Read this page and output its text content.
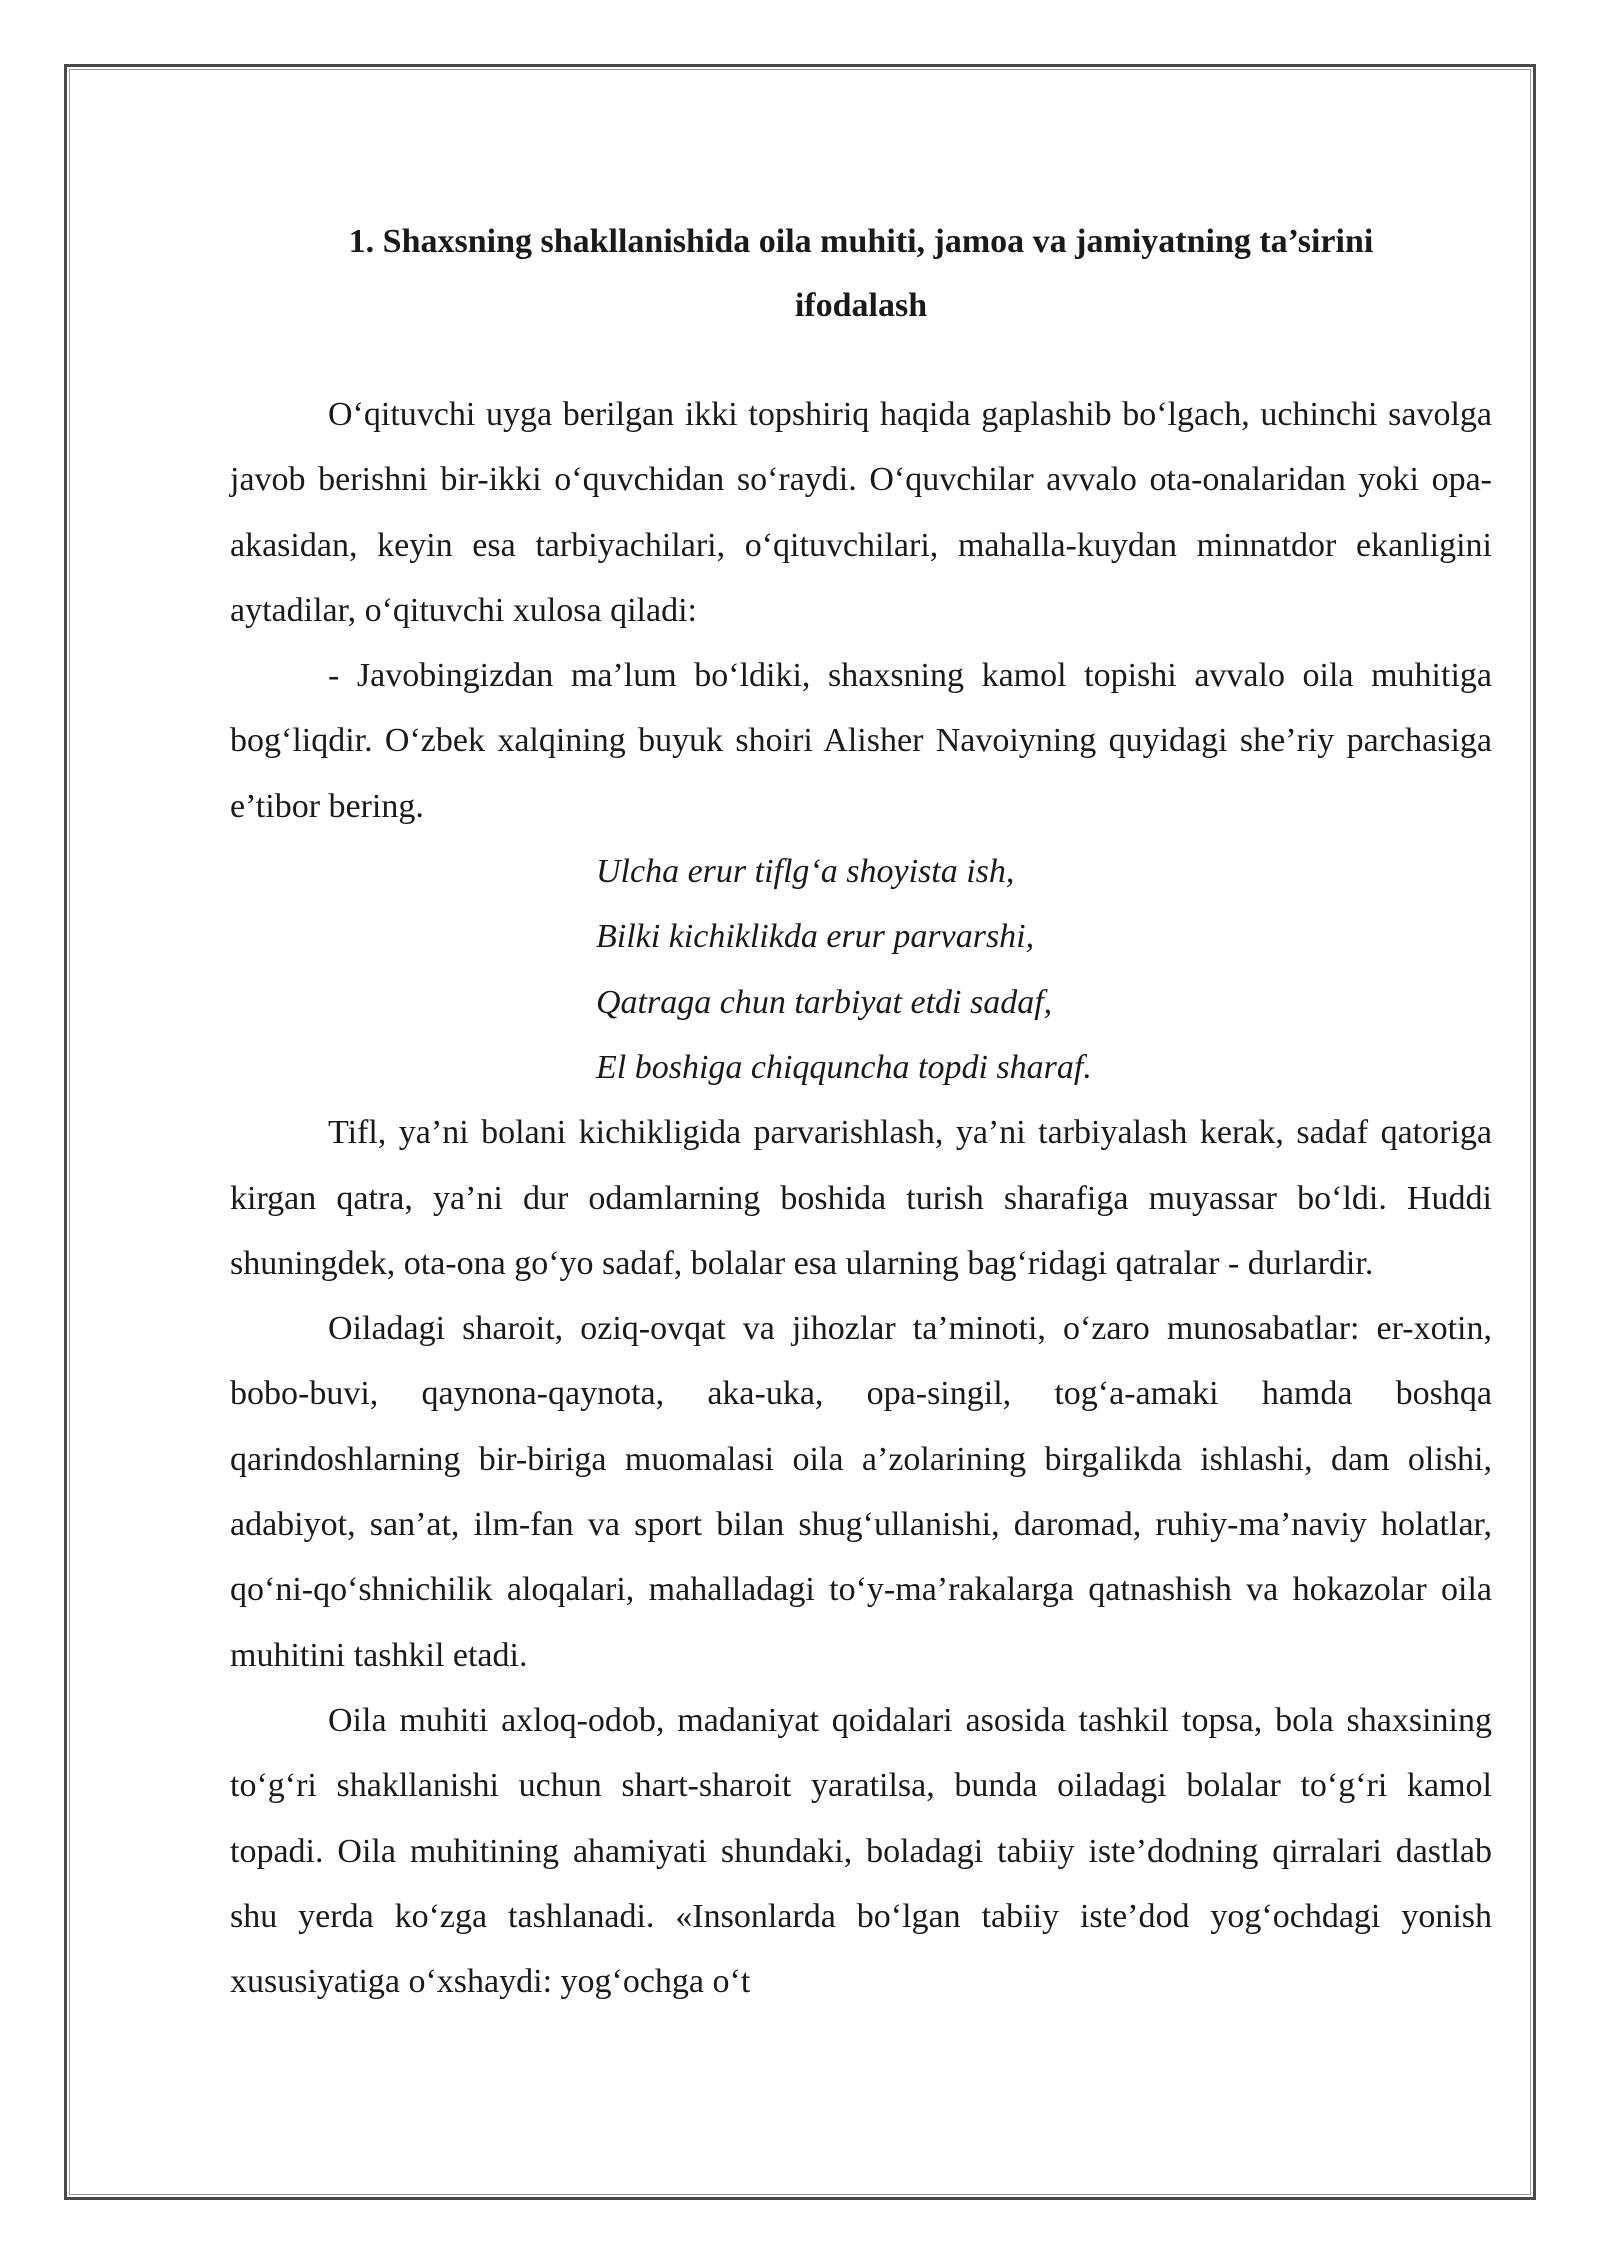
1. Shaxsning shakllanishida oila muhiti, jamoa va jamiyatning ta’sirini
ifodalash

O‘qituvchi uyga berilgan ikki topshiriq haqida gaplashib bo‘lgach, uchinchi savolga javob berishni bir-ikki o‘quvchidan so‘raydi. O‘quvchilar avvalo ota-onalaridan yoki opa-akasidan, keyin esa tarbiyachilari, o‘qituvchilari, mahalla-kuydan minnatdor ekanligini aytadilar, o‘qituvchi xulosa qiladi:

- Javobingizdan ma’lum bo‘ldiki, shaxsning kamol topishi avvalo oila muhitiga bog‘liqdir. O‘zbek xalqining buyuk shoiri Alisher Navoiyning quyidagi she’riy parchasiga e’tibor bering.

Ulcha erur tiflg‘a shoyista ish,
Bilki kichiklikda erur parvarshi,
Qatraga chun tarbiyat etdi sadaf,
El boshiga chiqquncha topdi sharaf.

Tifl, ya’ni bolani kichikligida parvarishlash, ya’ni tarbiyalash kerak, sadaf qatoriga kirgan qatra, ya’ni dur odamlarning boshida turish sharafiga muyassar bo‘ldi. Huddi shuningdek, ota-ona go‘yo sadaf, bolalar esa ularning bag‘ridagi qatralar - durlardir.

Oiladagi sharoit, oziq-ovqat va jihozlar ta’minoti, o‘zaro munosabatlar: er-xotin, bobo-buvi, qaynona-qaynota, aka-uka, opa-singil, tog‘a-amaki hamda boshqa qarindoshlarning bir-biriga muomalasi oila a’zolarining birgalikda ishlashi, dam olishi, adabiyot, san’at, ilm-fan va sport bilan shug‘ullanishi, daromad, ruhiy-ma’naviy holatlar, qo‘ni-qo‘shnichilik aloqalari, mahalladagi to‘y-ma’rakalarga qatnashish va hokazolar oila muhitini tashkil etadi.

Oila muhiti axloq-odob, madaniyat qoidalari asosida tashkil topsa, bola shaxsining to‘g‘ri shakllanishi uchun shart-sharoit yaratilsa, bunda oiladagi bolalar to‘g‘ri kamol topadi. Oila muhitining ahamiyati shundaki, boladagi tabiiy iste’dodning qirralari dastlab shu yerda ko‘zga tashlanadi. «Insonlarda bo‘lgan tabiiy iste’dod yog‘ochdagi yonish xususiyatiga o‘xshaydi: yog‘ochga o‘t
